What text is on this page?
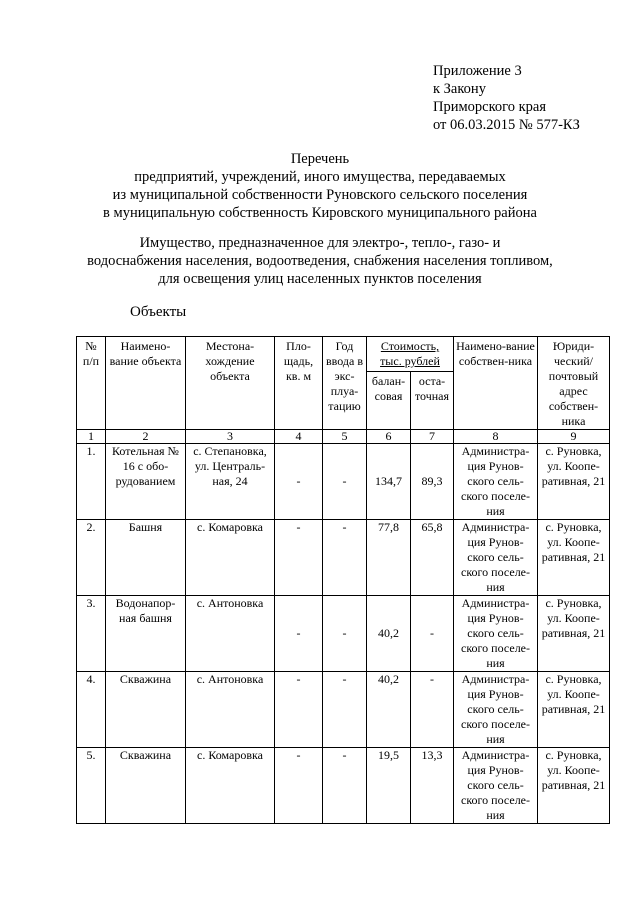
Приложение 3
к Закону
Приморского края
от 06.03.2015 № 577-КЗ
Перечень
предприятий, учреждений, иного имущества, передаваемых
из муниципальной собственности Руновского сельского поселения
в муниципальную собственность Кировского муниципального района
Имущество, предназначенное для электро-, тепло-, газо- и
водоснабжения населения, водоотведения, снабжения населения топливом,
для освещения улиц населенных пунктов поселения
Объекты
№ п/п	Наимено-вание объекта	Местона-хождение объекта	Пло-щадь, кв. м	Год ввода в экс-плуа-тацию	Стоимость, тыс. рублей		Наимено-вание собствен-ника	Юриди-ческий/ почтовый адрес собствен-ника
					балан-совая	оста-точная		
1	2	3	4	5	6	7	8	9
1.	Котельная № 16 с обо-рудованием	с. Степановка, ул. Централь-ная, 24	-	-	134,7	89,3	Администра-ция Рунов-ского сель-ского поселе-ния	с. Руновка, ул. Коопе-ративная, 21
2.	Башня	с. Комаровка	-	-	77,8	65,8	Администра-ция Рунов-ского сель-ского поселе-ния	с. Руновка, ул. Коопе-ративная, 21
3.	Водонапор-ная башня	с. Антоновка	-	-	40,2	-	Администра-ция Рунов-ского сель-ского поселе-ния	с. Руновка, ул. Коопе-ративная, 21
4.	Скважина	с. Антоновка	-	-	40,2	-	Администра-ция Рунов-ского сель-ского поселе-ния	с. Руновка, ул. Коопе-ративная, 21
5.	Скважина	с. Комаровка	-	-	19,5	13,3	Администра-ция Рунов-ского сель-ского поселе-ния	с. Руновка, ул. Коопе-ративная, 21
